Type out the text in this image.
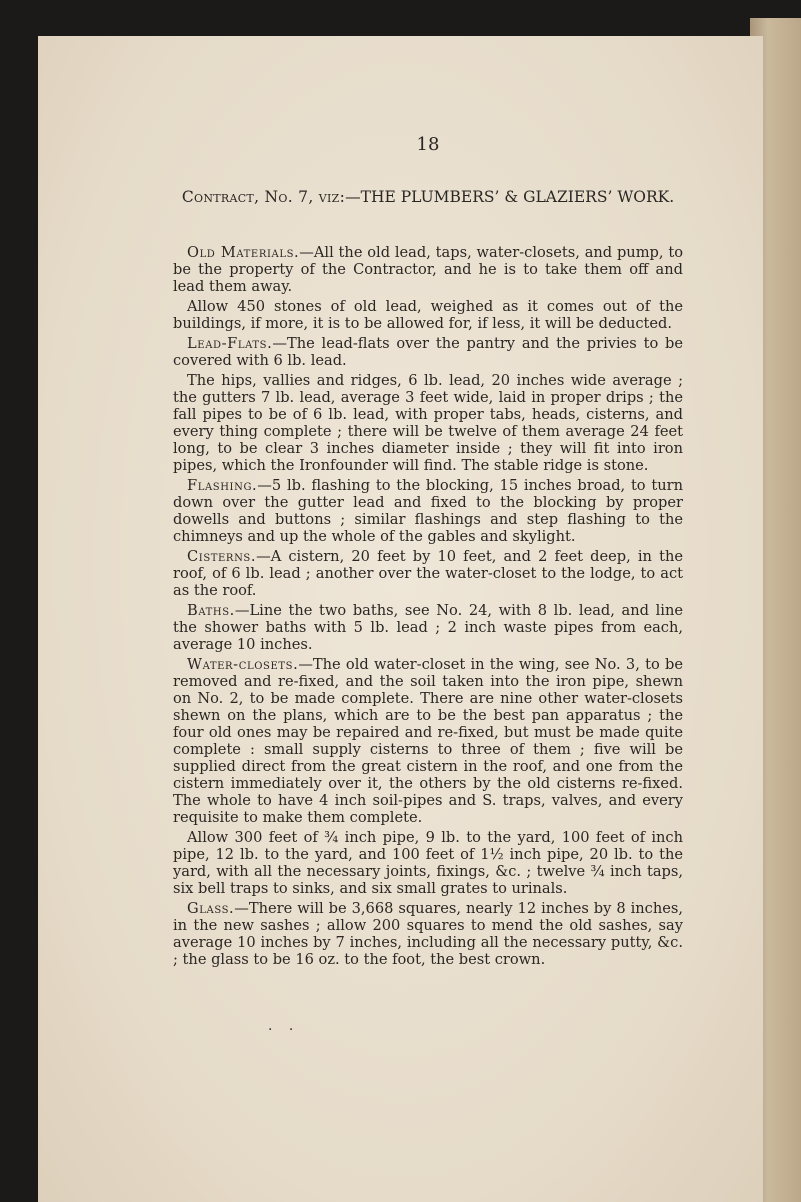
18
Contract, No. 7, viz:—THE PLUMBERS’ & GLAZIERS’ WORK.

Old Materials.—All the old lead, taps, water-closets, and pump, to be the property of the Contractor, and he is to take them off and lead them away.

Allow 450 stones of old lead, weighed as it comes out of the buildings, if more, it is to be allowed for, if less, it will be deducted.

Lead-Flats.—The lead-flats over the pantry and the privies to be covered with 6 lb. lead.

The hips, vallies and ridges, 6 lb. lead, 20 inches wide average ; the gutters 7 lb. lead, average 3 feet wide, laid in proper drips ; the fall pipes to be of 6 lb. lead, with proper tabs, heads, cisterns, and every thing complete ; there will be twelve of them average 24 feet long, to be clear 3 inches diameter inside ; they will fit into iron pipes, which the Ironfounder will find. The stable ridge is stone.

Flashing.—5 lb. flashing to the blocking, 15 inches broad, to turn down over the gutter lead and fixed to the blocking by proper dowells and buttons ; similar flashings and step flashing to the chimneys and up the whole of the gables and skylight.

Cisterns.—A cistern, 20 feet by 10 feet, and 2 feet deep, in the roof, of 6 lb. lead ; another over the water-closet to the lodge, to act as the roof.

Baths.—Line the two baths, see No. 24, with 8 lb. lead, and line the shower baths with 5 lb. lead ; 2 inch waste pipes from each, average 10 inches.

Water-closets.—The old water-closet in the wing, see No. 3, to be removed and re-fixed, and the soil taken into the iron pipe, shewn on No. 2, to be made complete. There are nine other water-closets shewn on the plans, which are to be the best pan apparatus ; the four old ones may be repaired and re-fixed, but must be made quite complete : small supply cisterns to three of them ; five will be supplied direct from the great cistern in the roof, and one from the cistern immediately over it, the others by the old cisterns re-fixed. The whole to have 4 inch soil-pipes and S. traps, valves, and every requisite to make them complete.

Allow 300 feet of ¾ inch pipe, 9 lb. to the yard, 100 feet of inch pipe, 12 lb. to the yard, and 100 feet of 1½ inch pipe, 20 lb. to the yard, with all the necessary joints, fixings, &c. ; twelve ¾ inch taps, six bell traps to sinks, and six small grates to urinals.

Glass.—There will be 3,668 squares, nearly 12 inches by 8 inches, in the new sashes ; allow 200 squares to mend the old sashes, say average 10 inches by 7 inches, including all the necessary putty, &c. ; the glass to be 16 oz. to the foot, the best crown.

· ·
